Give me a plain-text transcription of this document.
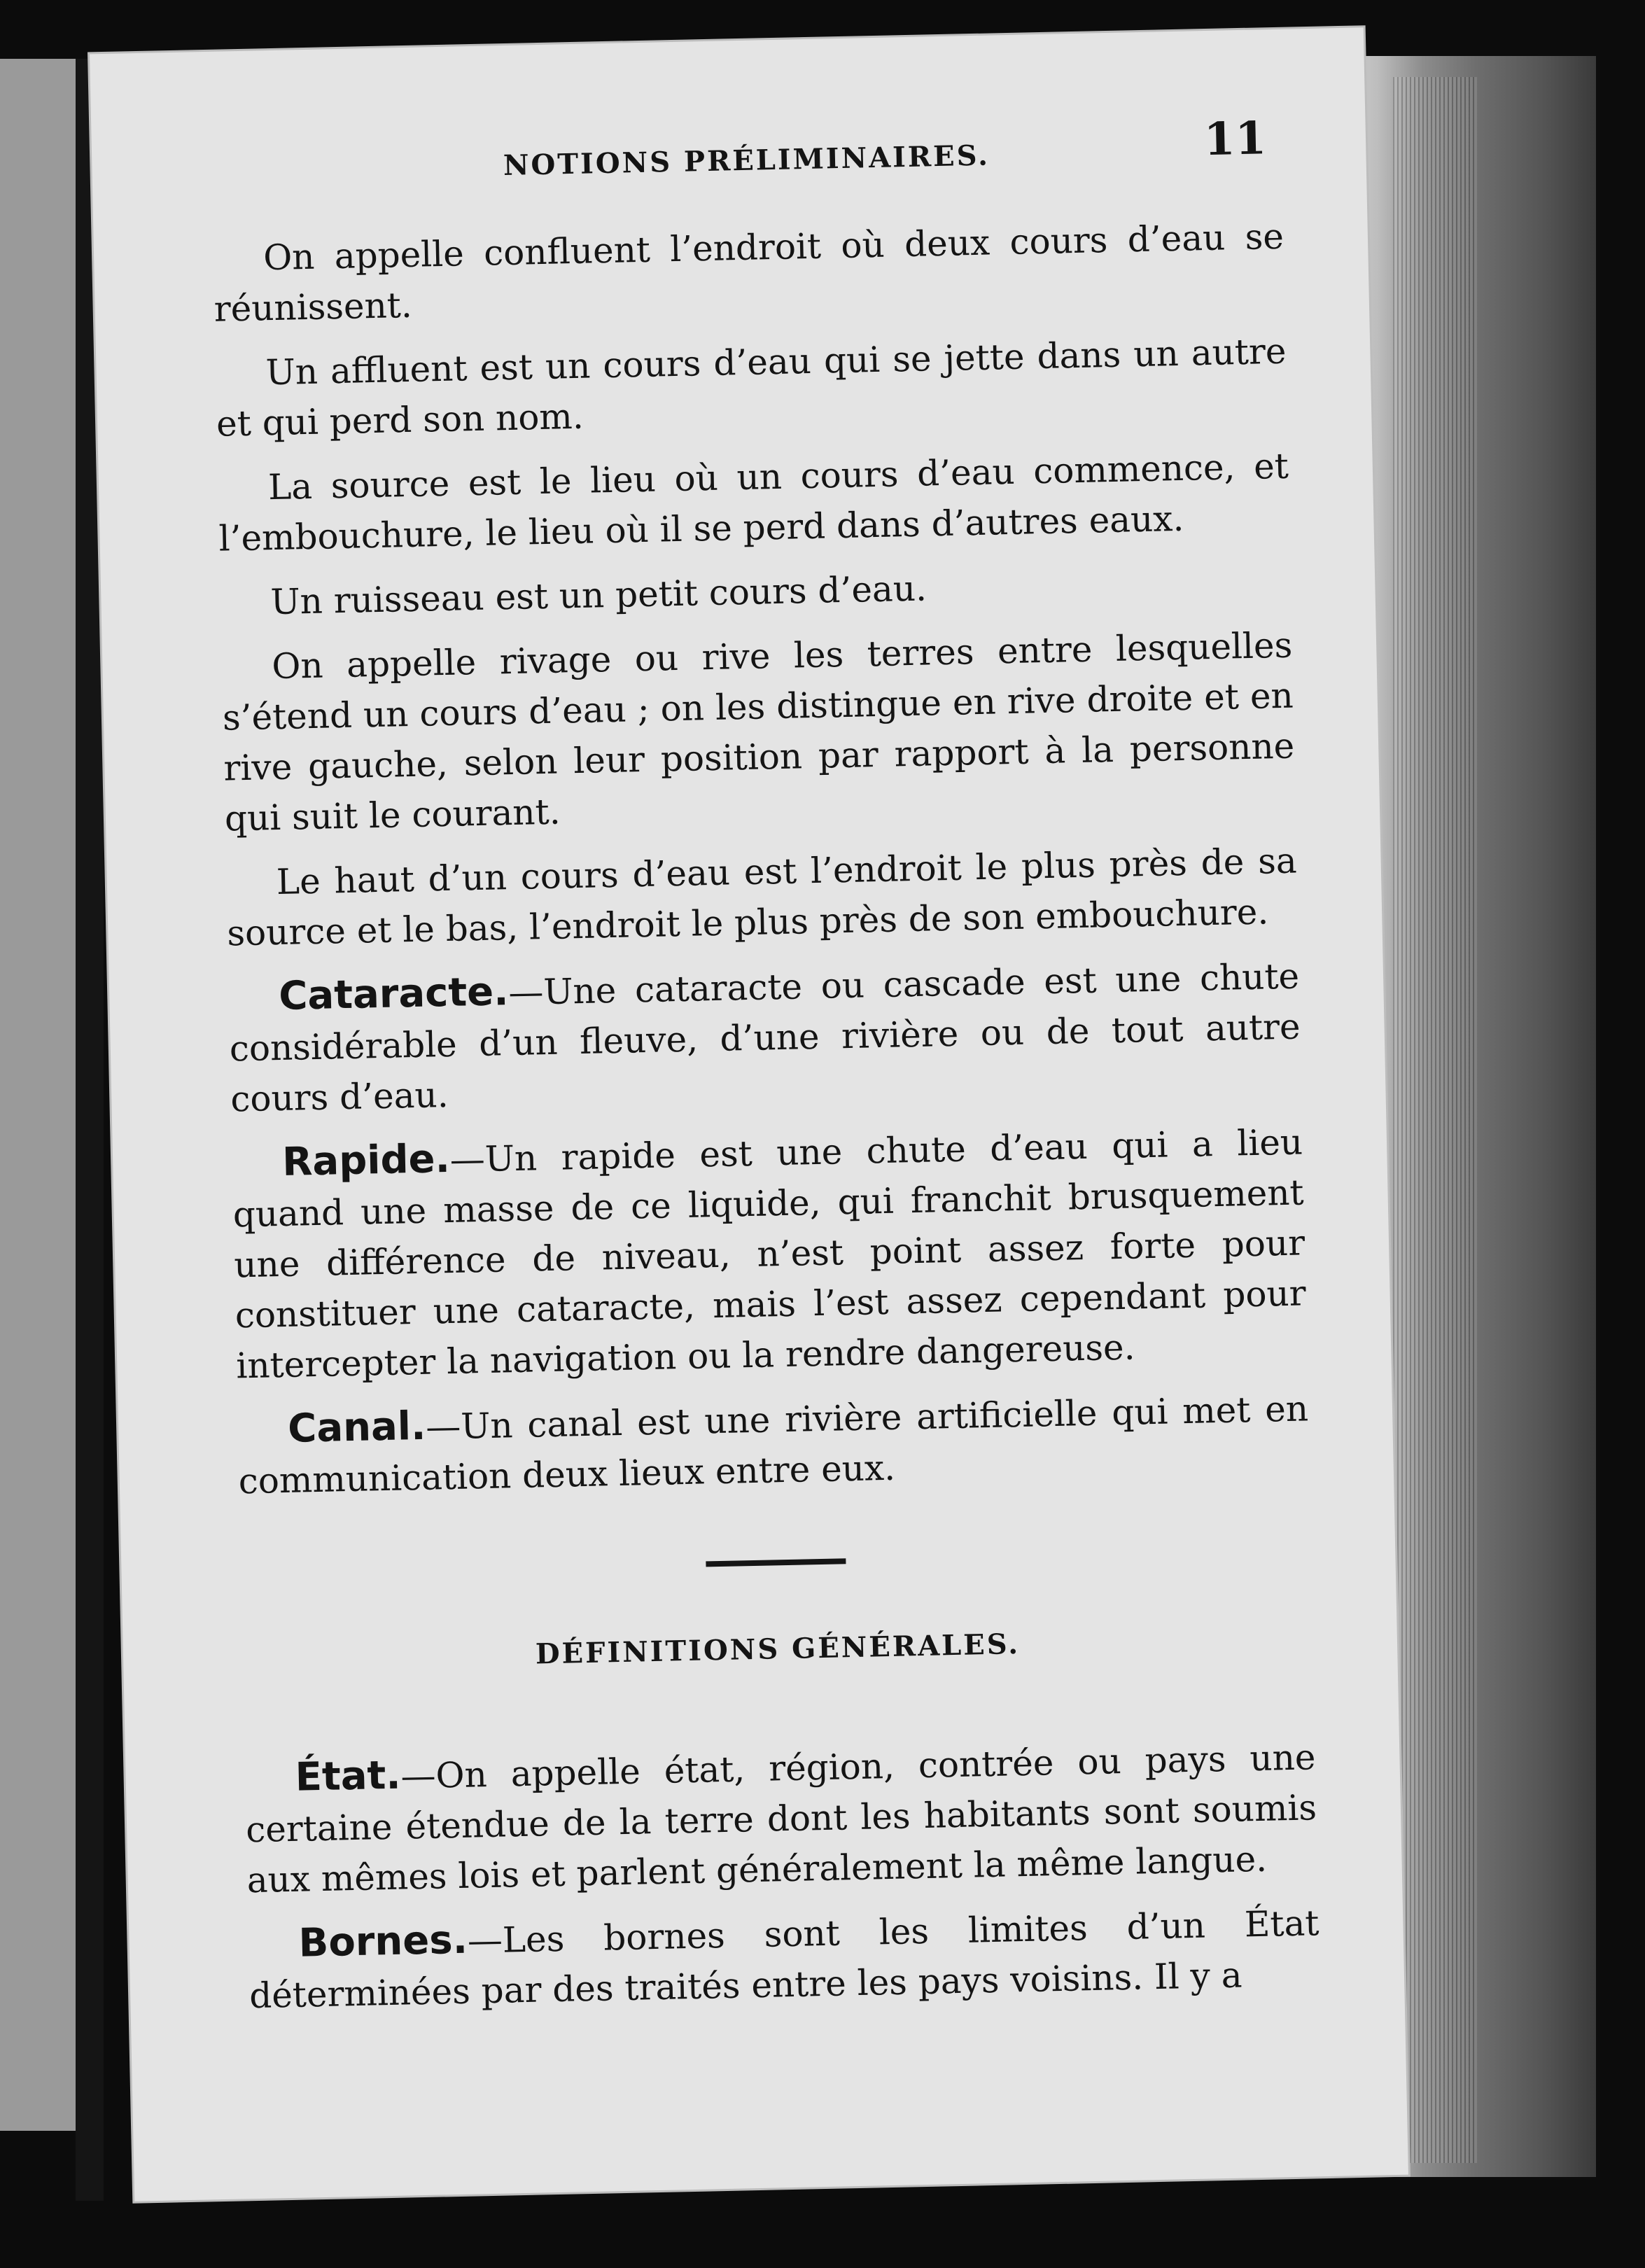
NOTIONS PRÉLIMINAIRES.	11

On appelle confluent l’endroit où deux cours d’eau se réunissent.

Un affluent est un cours d’eau qui se jette dans un autre et qui perd son nom.

La source est le lieu où un cours d’eau commence, et l’embouchure, le lieu où il se perd dans d’autres eaux.

Un ruisseau est un petit cours d’eau.

On appelle rivage ou rive les terres entre lesquelles s’étend un cours d’eau ; on les distingue en rive droite et en rive gauche, selon leur position par rapport à la personne qui suit le courant.

Le haut d’un cours d’eau est l’endroit le plus près de sa source et le bas, l’endroit le plus près de son embouchure.

Cataracte.—Une cataracte ou cascade est une chute considérable d’un fleuve, d’une rivière ou de tout autre cours d’eau.

Rapide.—Un rapide est une chute d’eau qui a lieu quand une masse de ce liquide, qui franchit brusquement une différence de niveau, n’est point assez forte pour constituer une cataracte, mais l’est assez cependant pour intercepter la navigation ou la rendre dangereuse.

Canal.—Un canal est une rivière artificielle qui met en communication deux lieux entre eux.

DÉFINITIONS GÉNÉRALES.

État.—On appelle état, région, contrée ou pays une certaine étendue de la terre dont les habitants sont soumis aux mêmes lois et parlent généralement la même langue.

Bornes.—Les bornes sont les limites d’un État déterminées par des traités entre les pays voisins. Il y a
